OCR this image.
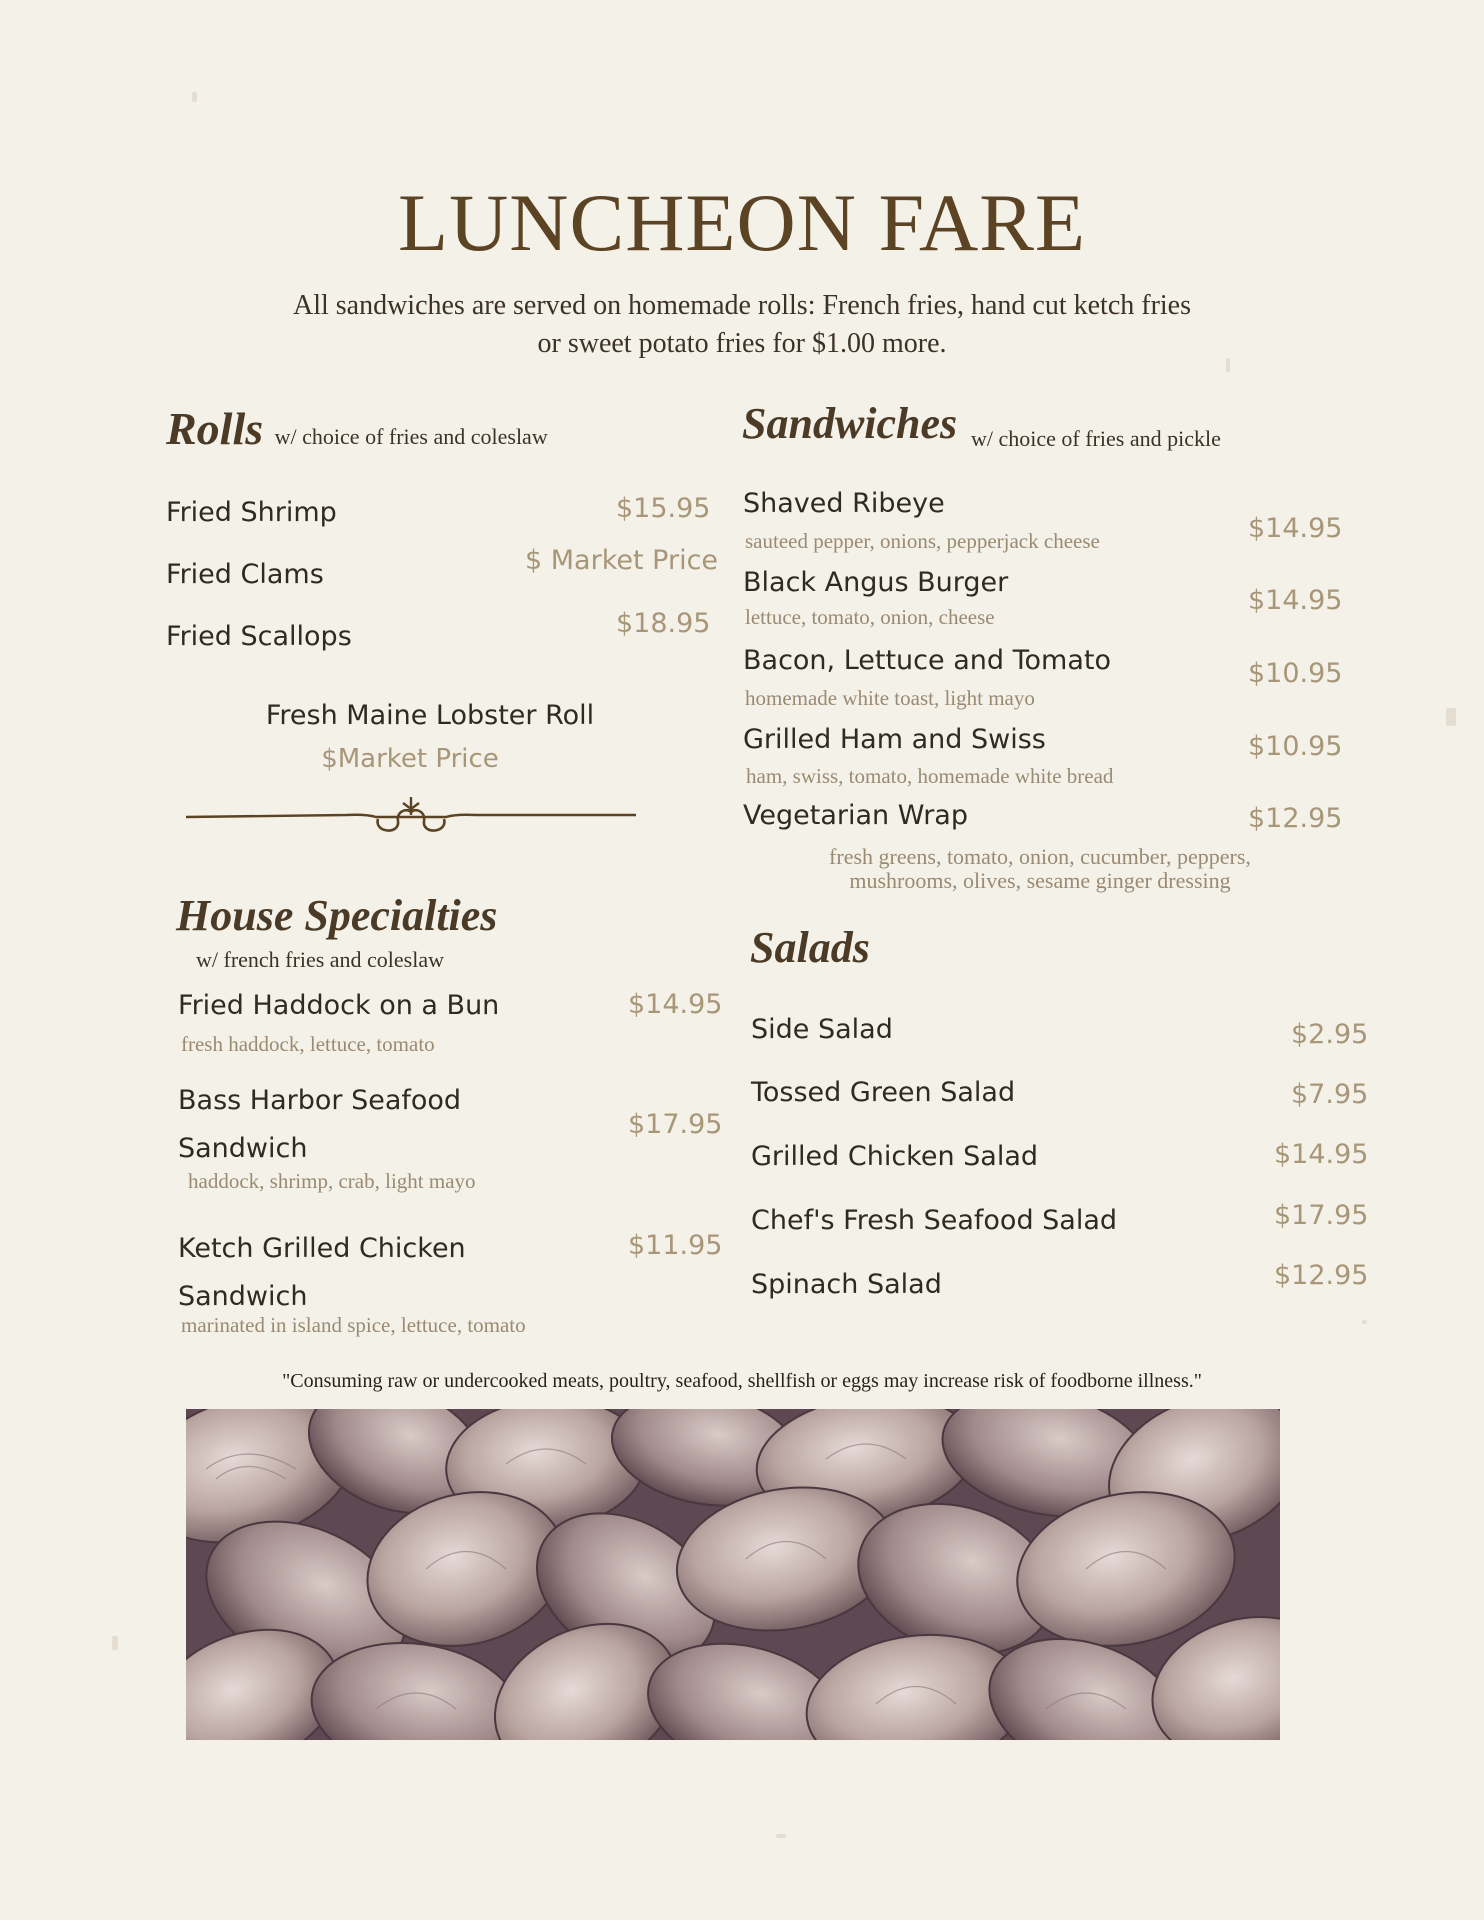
LUNCHEON FARE
All sandwiches are served on homemade rolls: French fries, hand cut ketch fries
or sweet potato fries for $1.00 more.
Rolls w/ choice of fries and coleslaw
Fried Shrimp	$15.95
Fried Clams	$ Market Price
Fried Scallops	$18.95
Fresh Maine Lobster Roll
$Market Price
House Specialties
w/ french fries and coleslaw
Fried Haddock on a Bun	$14.95
fresh haddock, lettuce, tomato
Bass Harbor Seafood
Sandwich
$17.95
haddock, shrimp, crab, light mayo
Ketch Grilled Chicken	$11.95
Sandwich
marinated in island spice, lettuce, tomato
Sandwiches w/ choice of fries and pickle
Shaved Ribeye
sauteed pepper, onions, pepperjack cheese	$14.95
Black Angus Burger
lettuce, tomato, onion, cheese
$14.95
Bacon, Lettuce and Tomato
homemade white toast, light mayo
$10.95
Grilled Ham and Swiss
ham, swiss, tomato, homemade white bread
$10.95
Vegetarian Wrap	$12.95
fresh greens, tomato, onion, cucumber, peppers,
mushrooms, olives, sesame ginger dressing
Salads
Side Salad	$2.95
Tossed Green Salad	$7.95
Grilled Chicken Salad	$14.95
Chef's Fresh Seafood Salad	$17.95
Spinach Salad	$12.95
"Consuming raw or undercooked meats, poultry, seafood, shellfish or eggs may increase risk of foodborne illness."
